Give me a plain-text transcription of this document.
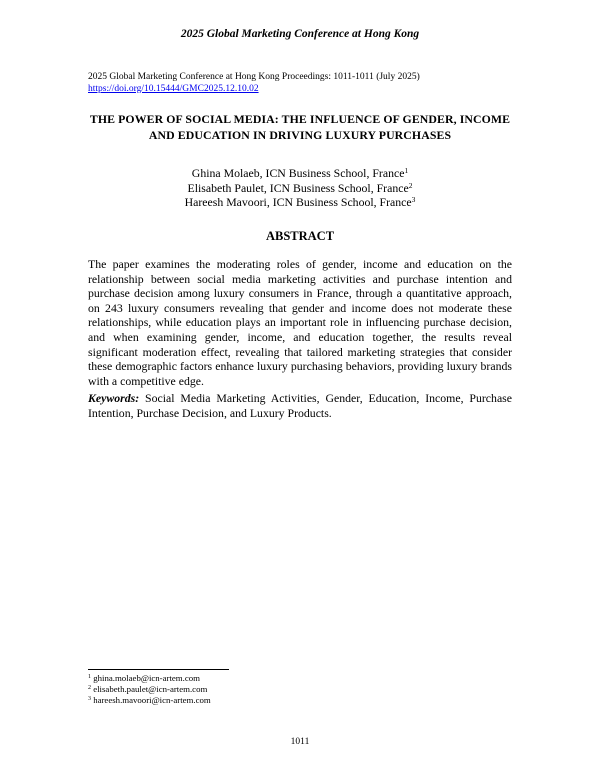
2025 Global Marketing Conference at Hong Kong
2025 Global Marketing Conference at Hong Kong Proceedings: 1011-1011 (July 2025)
https://doi.org/10.15444/GMC2025.12.10.02
THE POWER OF SOCIAL MEDIA: THE INFLUENCE OF GENDER, INCOME
AND EDUCATION IN DRIVING LUXURY PURCHASES
Ghina Molaeb, ICN Business School, France$^1$
Elisabeth Paulet, ICN Business School, France$^2$
Hareesh Mavoori, ICN Business School, France$^3$
ABSTRACT

The paper examines the moderating roles of gender, income and education on the relationship between social media marketing activities and purchase intention and purchase decision among luxury consumers in France, through a quantitative approach, on 243 luxury consumers revealing that gender and income does not moderate these relationships, while education plays an important role in influencing purchase decision, and when examining gender, income, and education together, the results reveal significant moderation effect, revealing that tailored marketing strategies that consider these demographic factors enhance luxury purchasing behaviors, providing luxury brands with a competitive edge.

Keywords: Social Media Marketing Activities, Gender, Education, Income, Purchase Intention, Purchase Decision, and Luxury Products.

$^1$ ghina.molaeb@icn-artem.com
$^2$ elisabeth.paulet@icn-artem.com
$^3$ hareesh.mavoori@icn-artem.com
1011
